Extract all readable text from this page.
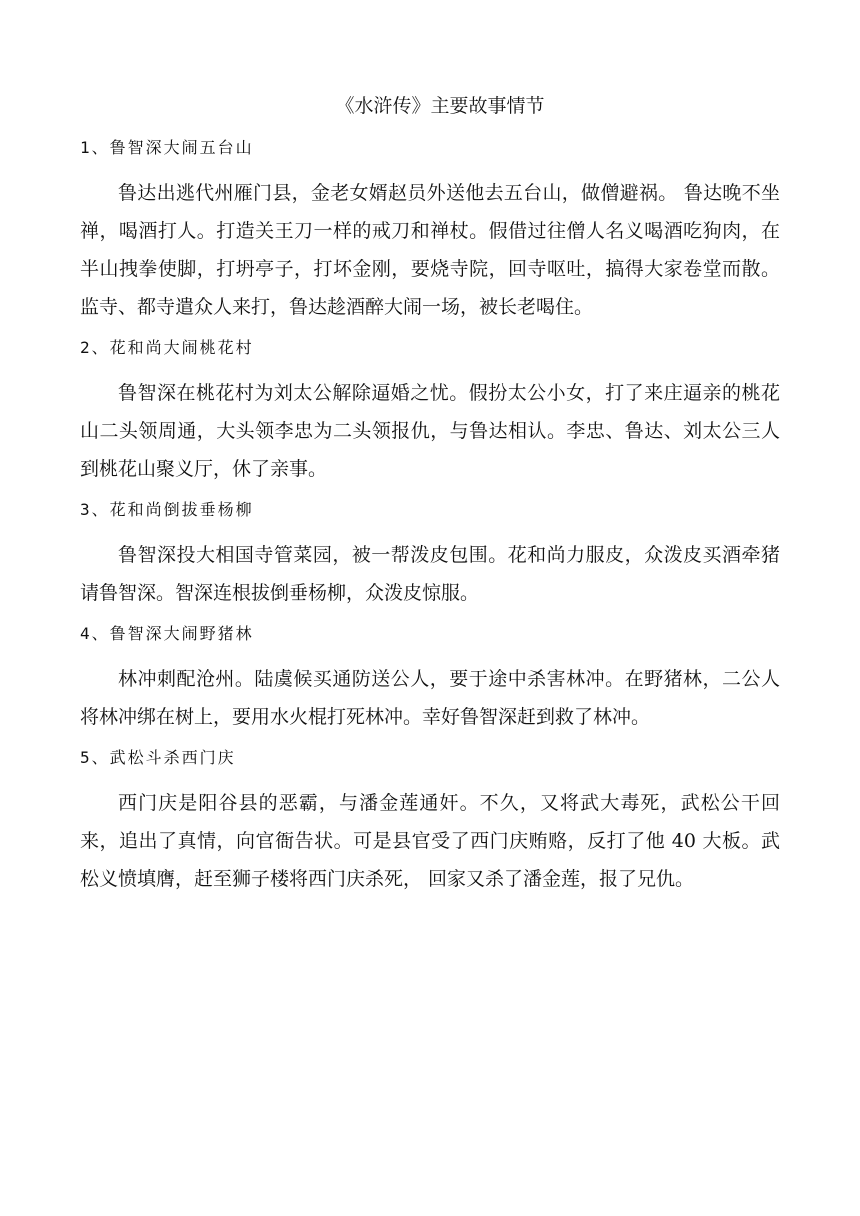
《水浒传》主要故事情节
1、鲁智深大闹五台山

鲁达出逃代州雁门县，金老女婿赵员外送他去五台山，做僧避祸。 鲁达晚不坐禅，喝酒打人。打造关王刀一样的戒刀和禅杖。假借过往僧人名义喝酒吃狗肉，在半山拽拳使脚，打坍亭子，打坏金刚，要烧寺院，回寺呕吐，搞得大家卷堂而散。监寺、都寺遣众人来打，鲁达趁酒醉大闹一场，被长老喝住。

2、花和尚大闹桃花村

鲁智深在桃花村为刘太公解除逼婚之忧。假扮太公小女，打了来庄逼亲的桃花山二头领周通，大头领李忠为二头领报仇，与鲁达相认。李忠、鲁达、刘太公三人到桃花山聚义厅，休了亲事。

3、花和尚倒拔垂杨柳

鲁智深投大相国寺管菜园，被一帮泼皮包围。花和尚力服皮，众泼皮买酒牵猪请鲁智深。智深连根拔倒垂杨柳，众泼皮惊服。

4、鲁智深大闹野猪林

林冲刺配沧州。陆虞候买通防送公人，要于途中杀害林冲。在野猪林，二公人将林冲绑在树上，要用水火棍打死林冲。幸好鲁智深赶到救了林冲。

5、武松斗杀西门庆

西门庆是阳谷县的恶霸，与潘金莲通奸。不久，又将武大毒死，武松公干回来，追出了真情，向官衙告状。可是县官受了西门庆贿赂，反打了他 40 大板。武松义愤填膺，赶至狮子楼将西门庆杀死， 回家又杀了潘金莲，报了兄仇。
